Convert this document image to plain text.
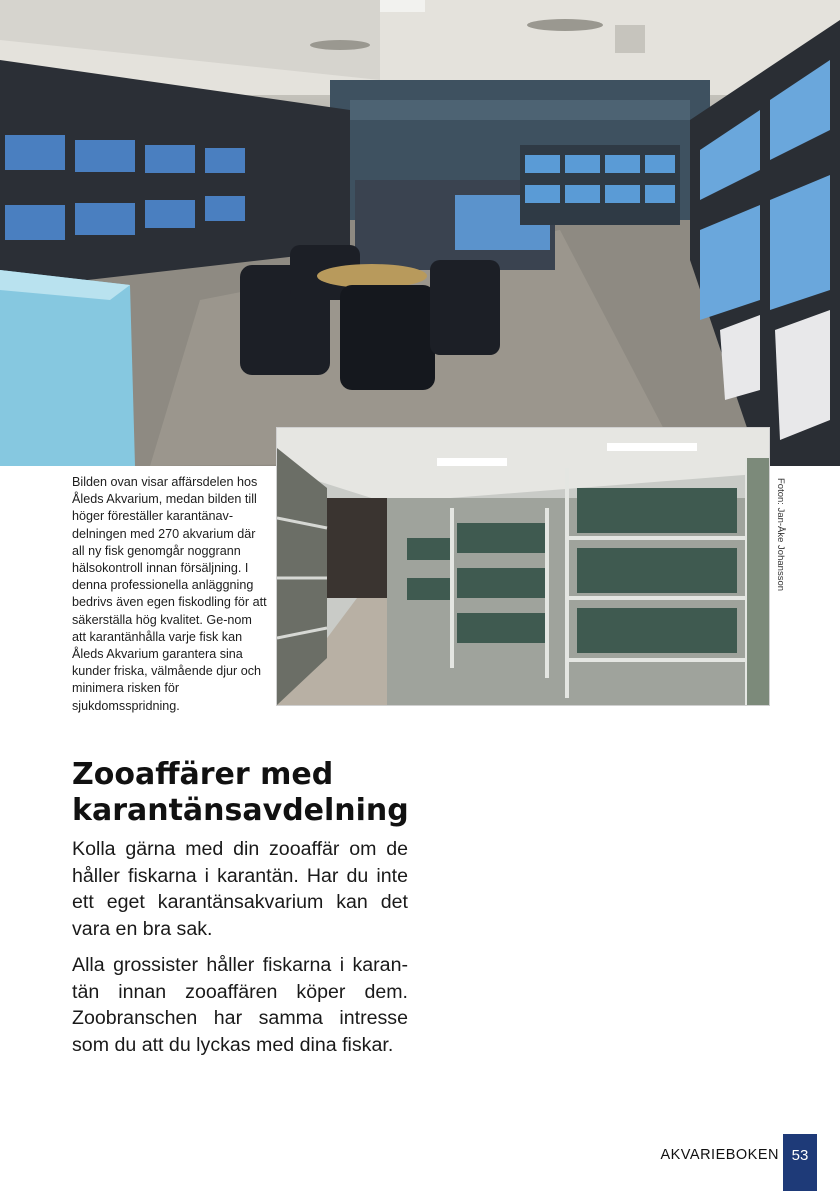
Foton: Jan-Åke Johansson
Bilden ovan visar affärsdelen hos Åleds Akvarium, medan bilden till höger föreställer karantänav-delningen med 270 akvarium där all ny fisk genomgår noggrann hälsokontroll innan försäljning. I denna professionella anläggning bedrivs även egen fiskodling för att säkerställa hög kvalitet. Ge-nom att karantänhålla varje fisk kan Åleds Akvarium garantera sina kunder friska, välmående djur och minimera risken för sjukdomsspridning.
Zooaffärer med karantänsavdelning

Kolla gärna med din zooaffär om de håller fiskarna i karantän. Har du inte ett eget karantänsakvarium kan det vara en bra sak.

Alla grossister håller fiskarna i karan-tän innan zooaffären köper dem. Zoobranschen har samma intresse som du att du lyckas med dina fiskar.

AKVARIEBOKEN 53
